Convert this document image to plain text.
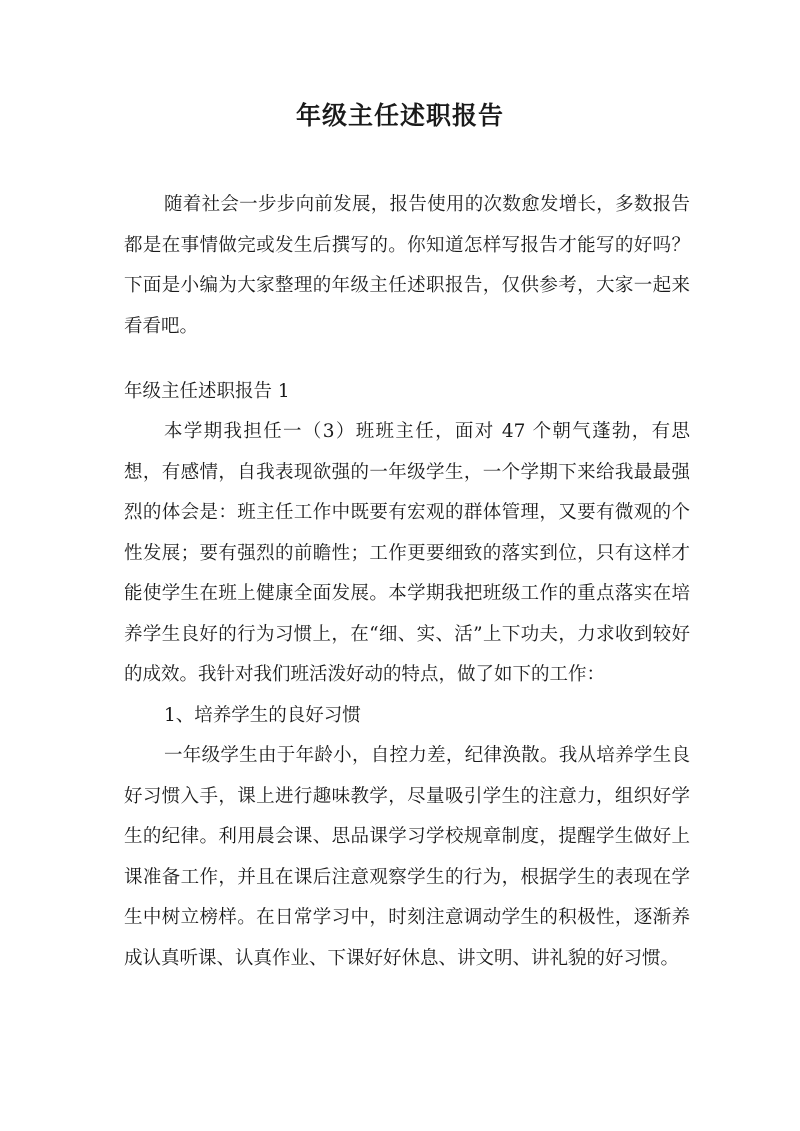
年级主任述职报告

随着社会一步步向前发展，报告使用的次数愈发增长，多数报告都是在事情做完或发生后撰写的。你知道怎样写报告才能写的好吗？下面是小编为大家整理的年级主任述职报告，仅供参考，大家一起来看看吧。

年级主任述职报告 1

本学期我担任一（3）班班主任，面对 47 个朝气蓬勃，有思想，有感情，自我表现欲强的一年级学生，一个学期下来给我最最强烈的体会是：班主任工作中既要有宏观的群体管理，又要有微观的个性发展；要有强烈的前瞻性；工作更要细致的落实到位，只有这样才能使学生在班上健康全面发展。本学期我把班级工作的重点落实在培养学生良好的行为习惯上，在“细、实、活”上下功夫，力求收到较好的成效。我针对我们班活泼好动的特点，做了如下的工作：

1、培养学生的良好习惯

一年级学生由于年龄小，自控力差，纪律涣散。我从培养学生良好习惯入手，课上进行趣味教学，尽量吸引学生的注意力，组织好学生的纪律。利用晨会课、思品课学习学校规章制度，提醒学生做好上课准备工作，并且在课后注意观察学生的行为，根据学生的表现在学生中树立榜样。在日常学习中，时刻注意调动学生的积极性，逐渐养成认真听课、认真作业、下课好好休息、讲文明、讲礼貌的好习惯。
